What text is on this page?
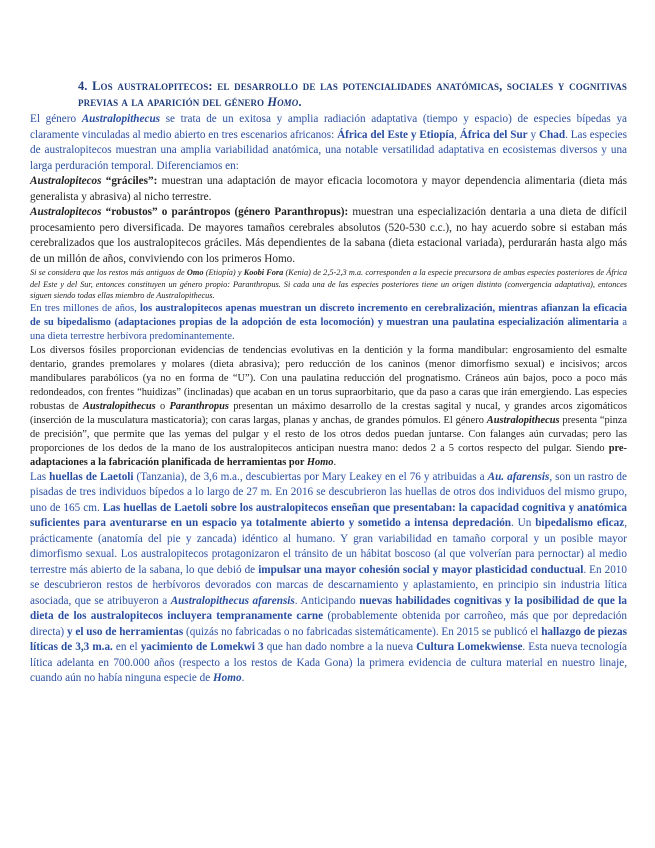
4. Los australopitecos: el desarrollo de las potencialidades anatómicas, sociales y cognitivas previas a la aparición del género Homo.

El género Australopithecus se trata de un exitosa y amplia radiación adaptativa (tiempo y espacio) de especies bípedas ya claramente vinculadas al medio abierto en tres escenarios africanos: África del Este y Etiopía, África del Sur y Chad. Las especies de australopitecos muestran una amplia variabilidad anatómica, una notable versatilidad adaptativa en ecosistemas diversos y una larga perduración temporal. Diferenciamos en:

Australopitecos “gráciles”: muestran una adaptación de mayor eficacia locomotora y mayor dependencia alimentaria (dieta más generalista y abrasiva) al nicho terrestre.

Australopitecos “robustos” o parántropos (género Paranthropus): muestran una especialización dentaria a una dieta de difícil procesamiento pero diversificada. De mayores tamaños cerebrales absolutos (520-530 c.c.), no hay acuerdo sobre si estaban más cerebralizados que los australopitecos gráciles. Más dependientes de la sabana (dieta estacional variada), perdurarán hasta algo más de un millón de años, conviviendo con los primeros Homo.

Si se considera que los restos más antiguos de Omo (Etiopía) y Koobi Fora (Kenia) de 2,5-2,3 m.a. corresponden a la especie precursora de ambas especies posteriores de África del Este y del Sur, entonces constituyen un género propio: Paranthropus. Si cada una de las especies posteriores tiene un origen distinto (convergencia adaptativa), entonces siguen siendo todas ellas miembro de Australopithecus.

En tres millones de años, los australopitecos apenas muestran un discreto incremento en cerebralización, mientras afianzan la eficacia de su bipedalismo (adaptaciones propias de la adopción de esta locomoción) y muestran una paulatina especialización alimentaria a una dieta terrestre herbívora predominantemente.

Los diversos fósiles proporcionan evidencias de tendencias evolutivas en la dentición y la forma mandibular: engrosamiento del esmalte dentario, grandes premolares y molares (dieta abrasiva); pero reducción de los caninos (menor dimorfismo sexual) e incisivos; arcos mandibulares parabólicos (ya no en forma de “U”). Con una paulatina reducción del prognatismo. Cráneos aún bajos, poco a poco más redondeados, con frentes “huidizas” (inclinadas) que acaban en un torus supraorbitario, que da paso a caras que irán emergiendo. Las especies robustas de Australopithecus o Paranthropus presentan un máximo desarrollo de la crestas sagital y nucal, y grandes arcos zigomáticos (inserción de la musculatura masticatoria); con caras largas, planas y anchas, de grandes pómulos. El género Australopithecus presenta “pinza de precisión”, que permite que las yemas del pulgar y el resto de los otros dedos puedan juntarse. Con falanges aún curvadas; pero las proporciones de los dedos de la mano de los australopitecos anticipan nuestra mano: dedos 2 a 5 cortos respecto del pulgar. Siendo pre-adaptaciones a la fabricación planificada de herramientas por Homo.

Las huellas de Laetoli (Tanzania), de 3,6 m.a., descubiertas por Mary Leakey en el 76 y atribuidas a Au. afarensis, son un rastro de pisadas de tres individuos bípedos a lo largo de 27 m. En 2016 se descubrieron las huellas de otros dos individuos del mismo grupo, uno de 165 cm. Las huellas de Laetoli sobre los australopitecos enseñan que presentaban: la capacidad cognitiva y anatómica suficientes para aventurarse en un espacio ya totalmente abierto y sometido a intensa depredación. Un bipedalismo eficaz, prácticamente (anatomía del pie y zancada) idéntico al humano. Y gran variabilidad en tamaño corporal y un posible mayor dimorfismo sexual. Los australopitecos protagonizaron el tránsito de un hábitat boscoso (al que volverían para pernoctar) al medio terrestre más abierto de la sabana, lo que debió de impulsar una mayor cohesión social y mayor plasticidad conductual. En 2010 se descubrieron restos de herbívoros devorados con marcas de descarnamiento y aplastamiento, en principio sin industria lítica asociada, que se atribuyeron a Australopithecus afarensis. Anticipando nuevas habilidades cognitivas y la posibilidad de que la dieta de los australopitecos incluyera tempranamente carne (probablemente obtenida por carroñeo, más que por depredación directa) y el uso de herramientas (quizás no fabricadas o no fabricadas sistemáticamente). En 2015 se publicó el hallazgo de piezas líticas de 3,3 m.a. en el yacimiento de Lomekwi 3 que han dado nombre a la nueva Cultura Lomekwiense. Esta nueva tecnología lítica adelanta en 700.000 años (respecto a los restos de Kada Gona) la primera evidencia de cultura material en nuestro linaje, cuando aún no había ninguna especie de Homo.
